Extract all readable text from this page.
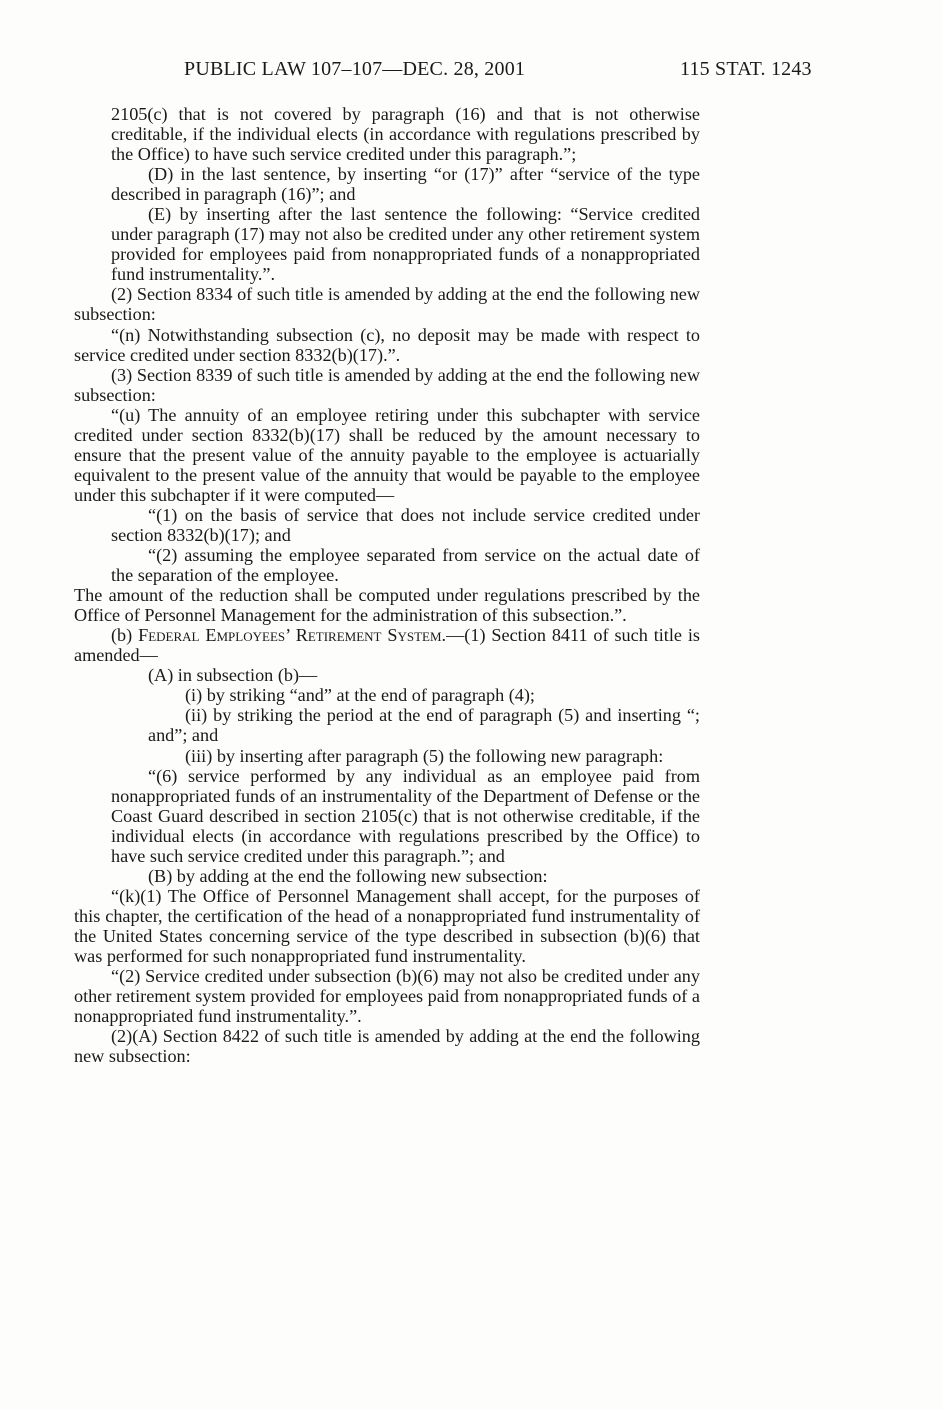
PUBLIC LAW 107–107—DEC. 28, 2001	115 STAT. 1243

2105(c) that is not covered by paragraph (16) and that is not otherwise creditable, if the individual elects (in accordance with regulations prescribed by the Office) to have such service credited under this paragraph.”;

(D) in the last sentence, by inserting “or (17)” after “service of the type described in paragraph (16)”; and

(E) by inserting after the last sentence the following: “Service credited under paragraph (17) may not also be credited under any other retirement system provided for employees paid from nonappropriated funds of a nonappropriated fund instrumentality.”.

(2) Section 8334 of such title is amended by adding at the end the following new subsection:

“(n) Notwithstanding subsection (c), no deposit may be made with respect to service credited under section 8332(b)(17).”.

(3) Section 8339 of such title is amended by adding at the end the following new subsection:

“(u) The annuity of an employee retiring under this subchapter with service credited under section 8332(b)(17) shall be reduced by the amount necessary to ensure that the present value of the annuity payable to the employee is actuarially equivalent to the present value of the annuity that would be payable to the employee under this subchapter if it were computed—

“(1) on the basis of service that does not include service credited under section 8332(b)(17); and

“(2) assuming the employee separated from service on the actual date of the separation of the employee.

The amount of the reduction shall be computed under regulations prescribed by the Office of Personnel Management for the administration of this subsection.”.

(b) Federal Employees’ Retirement System.—(1) Section 8411 of such title is amended—

(A) in subsection (b)—

(i) by striking “and” at the end of paragraph (4);

(ii) by striking the period at the end of paragraph (5) and inserting “; and”; and

(iii) by inserting after paragraph (5) the following new paragraph:

“(6) service performed by any individual as an employee paid from nonappropriated funds of an instrumentality of the Department of Defense or the Coast Guard described in section 2105(c) that is not otherwise creditable, if the individual elects (in accordance with regulations prescribed by the Office) to have such service credited under this paragraph.”; and

(B) by adding at the end the following new subsection:

“(k)(1) The Office of Personnel Management shall accept, for the purposes of this chapter, the certification of the head of a nonappropriated fund instrumentality of the United States concerning service of the type described in subsection (b)(6) that was performed for such nonappropriated fund instrumentality.

“(2) Service credited under subsection (b)(6) may not also be credited under any other retirement system provided for employees paid from nonappropriated funds of a nonappropriated fund instrumentality.”.

(2)(A) Section 8422 of such title is amended by adding at the end the following new subsection:
